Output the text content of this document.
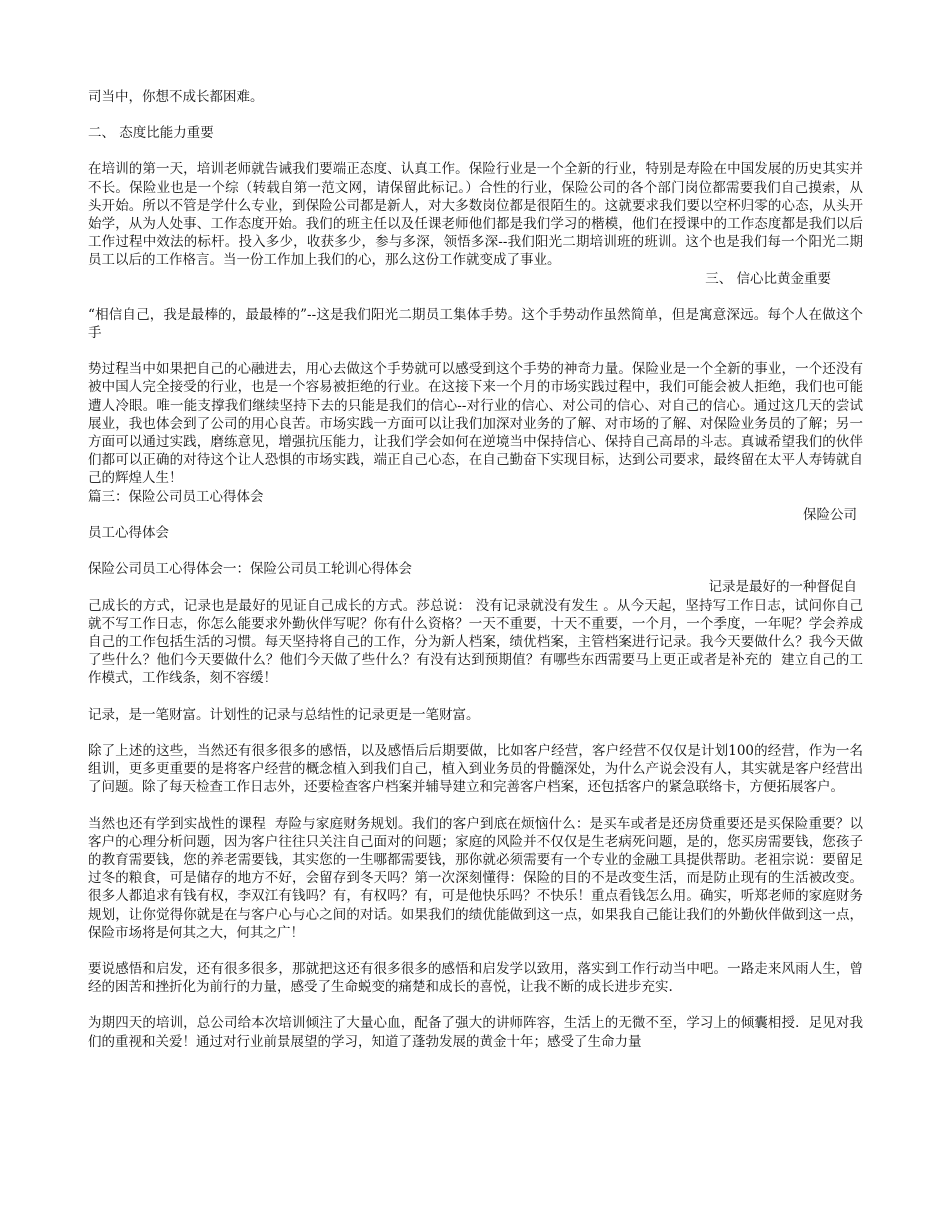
司当中，你想不成长都困难。

二、 态度比能力重要

在培训的第一天，培训老师就告诫我们要端正态度、认真工作。保险行业是一个全新的行业，特别是寿险在中国发展的历史其实并不长。保险业也是一个综（转载自第一范文网，请保留此标记。）合性的行业，保险公司的各个部门岗位都需要我们自己摸索，从头开始。所以不管是学什么专业，到保险公司都是新人，对大多数岗位都是很陌生的。这就要求我们要以空杯归零的心态，从头开始学，从为人处事、工作态度开始。我们的班主任以及任课老师他们都是我们学习的楷模，他们在授课中的工作态度都是我们以后工作过程中效法的标杆。投入多少，收获多少，参与多深，领悟多深--我们阳光二期培训班的班训。这个也是我们每一个阳光二期员工以后的工作格言。当一份工作加上我们的心，那么这份工作就变成了事业。

三、 信心比黄金重要

“相信自己，我是最棒的，最最棒的”--这是我们阳光二期员工集体手势。这个手势动作虽然简单，但是寓意深远。每个人在做这个手

势过程当中如果把自己的心融进去，用心去做这个手势就可以感受到这个手势的神奇力量。保险业是一个全新的事业，一个还没有被中国人完全接受的行业，也是一个容易被拒绝的行业。在这接下来一个月的市场实践过程中，我们可能会被人拒绝，我们也可能遭人冷眼。唯一能支撑我们继续坚持下去的只能是我们的信心--对行业的信心、对公司的信心、对自己的信心。通过这几天的尝试展业，我也体会到了公司的用心良苦。市场实践一方面可以让我们加深对业务的了解、对市场的了解、对保险业务员的了解；另一方面可以通过实践，磨练意见，增强抗压能力，让我们学会如何在逆境当中保持信心、保持自己高昂的斗志。真诚希望我们的伙伴们都可以正确的对待这个让人恐惧的市场实践，端正自己心态，在自己勤奋下实现目标，达到公司要求，最终留在太平人寿铸就自己的辉煌人生！

篇三：保险公司员工心得体会

保险公司

员工心得体会

保险公司员工心得体会一：保险公司员工轮训心得体会

记录是最好的一种督促自

己成长的方式，记录也是最好的见证自己成长的方式。莎总说： 没有记录就没有发生 。从今天起，坚持写工作日志，试问你自己就不写工作日志，你怎么能要求外勤伙伴写呢？你有什么资格？一天不重要，十天不重要，一个月，一个季度，一年呢？学会养成自己的工作包括生活的习惯。每天坚持将自己的工作，分为新人档案，绩优档案，主管档案进行记录。我今天要做什么？我今天做了些什么？他们今天要做什么？他们今天做了些什么？有没有达到预期值？有哪些东西需要马上更正或者是补充的  建立自己的工作模式，工作线条，刻不容缓！

记录，是一笔财富。计划性的记录与总结性的记录更是一笔财富。

除了上述的这些，当然还有很多很多的感悟，以及感悟后后期要做，比如客户经营，客户经营不仅仅是计划100的经营，作为一名组训，更多更重要的是将客户经营的概念植入到我们自己，植入到业务员的骨髓深处，为什么产说会没有人，其实就是客户经营出了问题。除了每天检查工作日志外，还要检查客户档案并辅导建立和完善客户档案，还包括客户的紧急联络卡，方便拓展客户。

当然也还有学到实战性的课程  寿险与家庭财务规划。我们的客户到底在烦恼什么：是买车或者是还房贷重要还是买保险重要？以客户的心理分析问题，因为客户往往只关注自己面对的问题；家庭的风险并不仅仅是生老病死问题，是的，您买房需要钱，您孩子的教育需要钱，您的养老需要钱，其实您的一生哪都需要钱，那你就必须需要有一个专业的金融工具提供帮助。老祖宗说：要留足过冬的粮食，可是储存的地方不好，会留存到冬天吗？第一次深刻懂得：保险的目的不是改变生活，而是防止现有的生活被改变。很多人都追求有钱有权，李双江有钱吗？有，有权吗？有，可是他快乐吗？不快乐！重点看钱怎么用。确实，听郑老师的家庭财务规划，让你觉得你就是在与客户心与心之间的对话。如果我们的绩优能做到这一点，如果我自己能让我们的外勤伙伴做到这一点，保险市场将是何其之大，何其之广！

要说感悟和启发，还有很多很多，那就把这还有很多很多的感悟和启发学以致用，落实到工作行动当中吧。一路走来风雨人生，曾经的困苦和挫折化为前行的力量，感受了生命蜕变的痛楚和成长的喜悦，让我不断的成长进步充实.

为期四天的培训，总公司给本次培训倾注了大量心血，配备了强大的讲师阵容，生活上的无微不至，学习上的倾囊相授．足见对我们的重视和关爱！通过对行业前景展望的学习，知道了蓬勃发展的黄金十年；感受了生命力量
